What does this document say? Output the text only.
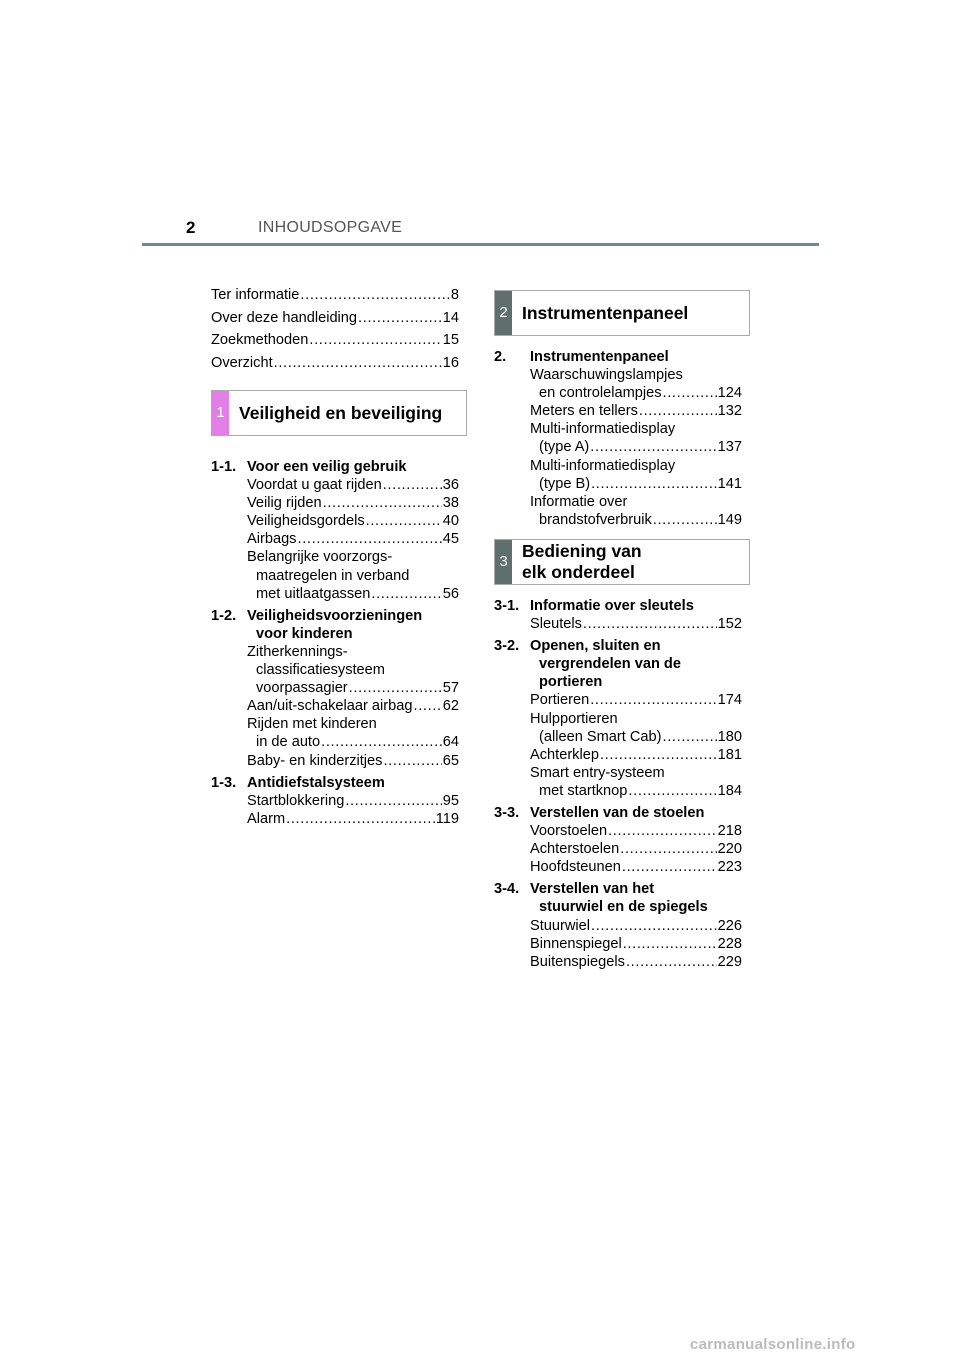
2	INHOUDSOPGAVE
Ter informatie . . .	8
Over deze handleiding . . .	14
Zoekmethoden . . .	15
Overzicht . . .	16
1 Veiligheid en beveiliging
1-1. Voor een veilig gebruik
Voordat u gaat rijden . . .	36
Veilig rijden . . .	38
Veiligheidsgordels . . .	40
Airbags . . .	45
Belangrijke voorzorgs-
maatregelen in verband
met uitlaatgassen . . .	56
1-2. Veiligheidsvoorzieningen
voor kinderen
Zitherkennings-
classificatiesysteem
voorpassagier . . .	57
Aan/uit-schakelaar airbag . . . 62
Rijden met kinderen
in de auto . . .	64
Baby- en kinderzitjes . . .	65
1-3. Antidiefstalsysteem
Startblokkering . . .	95
Alarm . . .	119
2 Instrumentenpaneel
2.	Instrumentenpaneel
Waarschuwingslampjes
en controlelampjes . . .	124
Meters en tellers . . .	132
Multi-informatiedisplay
(type A) . . .	137
Multi-informatiedisplay
(type B) . . .	141
Informatie over
brandstofverbruik . . .	149
3
Bediening van
elk onderdeel
3-1. Informatie over sleutels
Sleutels . . .	152
3-2. Openen, sluiten en
vergrendelen van de
portieren
Portieren . . .	174
Hulpportieren
(alleen Smart Cab) . . .	180
Achterklep . . .	181
Smart entry-systeem
met startknop . . .	184
3-3. Verstellen van de stoelen
Voorstoelen . . .	218
Achterstoelen . . .	220
Hoofdsteunen . . .	223
3-4. Verstellen van het
stuurwiel en de spiegels
Stuurwiel . . .	226
Binnenspiegel . . .	228
Buitenspiegels . . .	229
carmanualsonline.info
